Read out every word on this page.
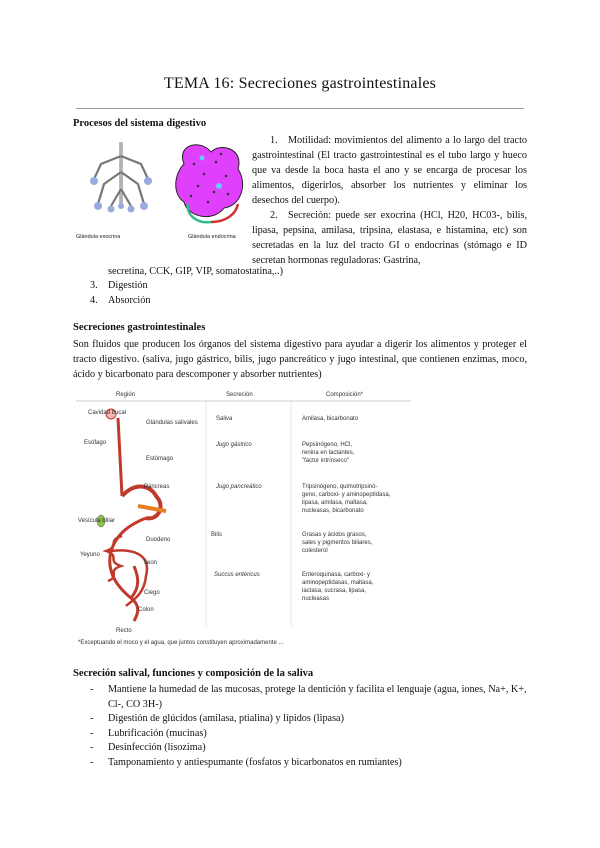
TEMA 16: Secreciones gastrointestinales
Procesos del sistema digestivo
Glándula exocrina	Glándula endocrina
1.	Motilidad: movimientos del alimento a lo largo del tracto gastrointestinal (El tracto gastrointestinal es el tubo largo y hueco que va desde la boca hasta el ano y se encarga de procesar los alimentos, digerirlos, absorber los nutrientes y eliminar los desechos del cuerpo).
2.	Secreción: puede ser exocrina (HCl, H20, HC03-, bilis, lipasa, pepsina, amilasa, tripsina, elastasa, e histamina, etc) son secretadas en la luz del tracto GI o endocrinas (stómago e ID secretan hormonas reguladoras: Gastrina,
secretina, CCK, GIP, VIP, somatostatina,..)
3. Digestión
4. Absorción
Secreciones gastrointestinales
Son fluidos que producen los órganos del sistema digestivo para ayudar a digerir los alimentos y proteger el tracto digestivo. (saliva, jugo gástrico, bilis, jugo pancreático y jugo intestinal, que contienen enzimas, moco, ácido y bicarbonato para descomponer y absorber nutrientes)
Región	Secreción	Composición*
Cavidad bucal
Glándulas salivales
Esófago
Estómago
Páncreas
Vesícula biliar
Duodeno
Yeyuno
Íleon
Ciego
Colon
Recto
Saliva	Amilasa, bicarbonato
Jugo gástrico	Pepsinógeno, HCl,
renina en lactantes,
"factor intrínseco"
Jugo pancreático	Tripsinógeno, quimotripsinó-
geno, carboxi- y aminopeptidasa,
lipasa, amilasa, maltasa,
nucleasas, bicarbonato
Bilis	Grasas y ácidos grasos,
sales y pigmentos biliares,
colesterol
Succus entericus	Enteroquinasa, carboxi- y
aminopeptidasas, maltasa,
lactasa, sucrasa, lipasa,
nucleasas
*Exceptuando el moco y el agua, que juntos constituyen aproximadamente ...
Secreción salival, funciones y composición de la saliva
- Mantiene la humedad de las mucosas, protege la dentición y facilita el lenguaje (agua, iones, Na+, K+, Cl-, CO 3H-)
- Digestión de glúcidos (amilasa, ptialina) y lípidos (lipasa)
- Lubrificación (mucinas)
- Desinfección (lisozima)
- Tamponamiento y antiespumante (fosfatos y bicarbonatos en rumiantes)
